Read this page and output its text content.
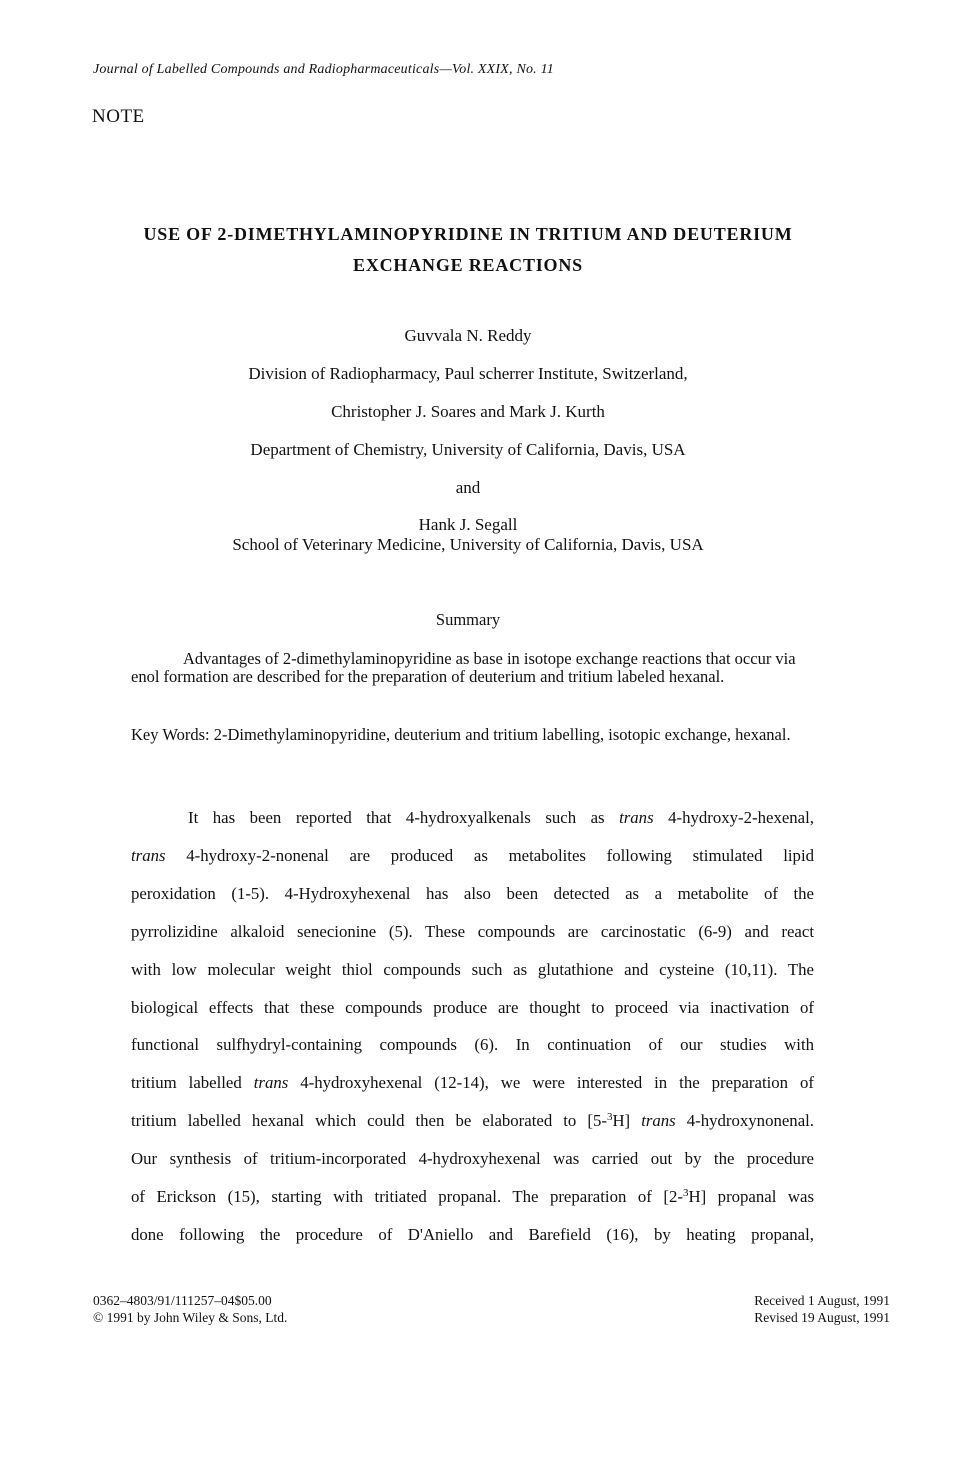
Journal of Labelled Compounds and Radiopharmaceuticals—Vol. XXIX, No. 11
NOTE
USE OF 2-DIMETHYLAMINOPYRIDINE IN TRITIUM AND DEUTERIUM
EXCHANGE REACTIONS
Guvvala N. Reddy
Division of Radiopharmacy, Paul scherrer Institute, Switzerland,
Christopher J. Soares and Mark J. Kurth
Department of Chemistry, University of California, Davis, USA
and
Hank J. Segall
School of Veterinary Medicine, University of California, Davis, USA
Summary
Advantages of 2-dimethylaminopyridine as base in isotope exchange reactions that occur via enol formation are described for the preparation of deuterium and tritium labeled hexanal.
Key Words: 2-Dimethylaminopyridine, deuterium and tritium labelling, isotopic exchange, hexanal.
It has been reported that 4-hydroxyalkenals such as trans 4-hydroxy-2-hexenal,
trans 4-hydroxy-2-nonenal are produced as metabolites following stimulated lipid
peroxidation (1-5). 4-Hydroxyhexenal has also been detected as a metabolite of the
pyrrolizidine alkaloid senecionine (5). These compounds are carcinostatic (6-9) and react
with low molecular weight thiol compounds such as glutathione and cysteine (10,11). The
biological effects that these compounds produce are thought to proceed via inactivation of
functional sulfhydryl-containing compounds (6). In continuation of our studies with
tritium labelled trans 4-hydroxyhexenal (12-14), we were interested in the preparation of
tritium labelled hexanal which could then be elaborated to [5-$^3$H] trans 4-hydroxynonenal.
Our synthesis of tritium-incorporated 4-hydroxyhexenal was carried out by the procedure
of Erickson (15), starting with tritiated propanal. The preparation of [2-$^3$H] propanal was
done following the procedure of D'Aniello and Barefield (16), by heating propanal,
0362–4803/91/111257–04$05.00
© 1991 by John Wiley & Sons, Ltd.
Received 1 August, 1991
Revised 19 August, 1991
